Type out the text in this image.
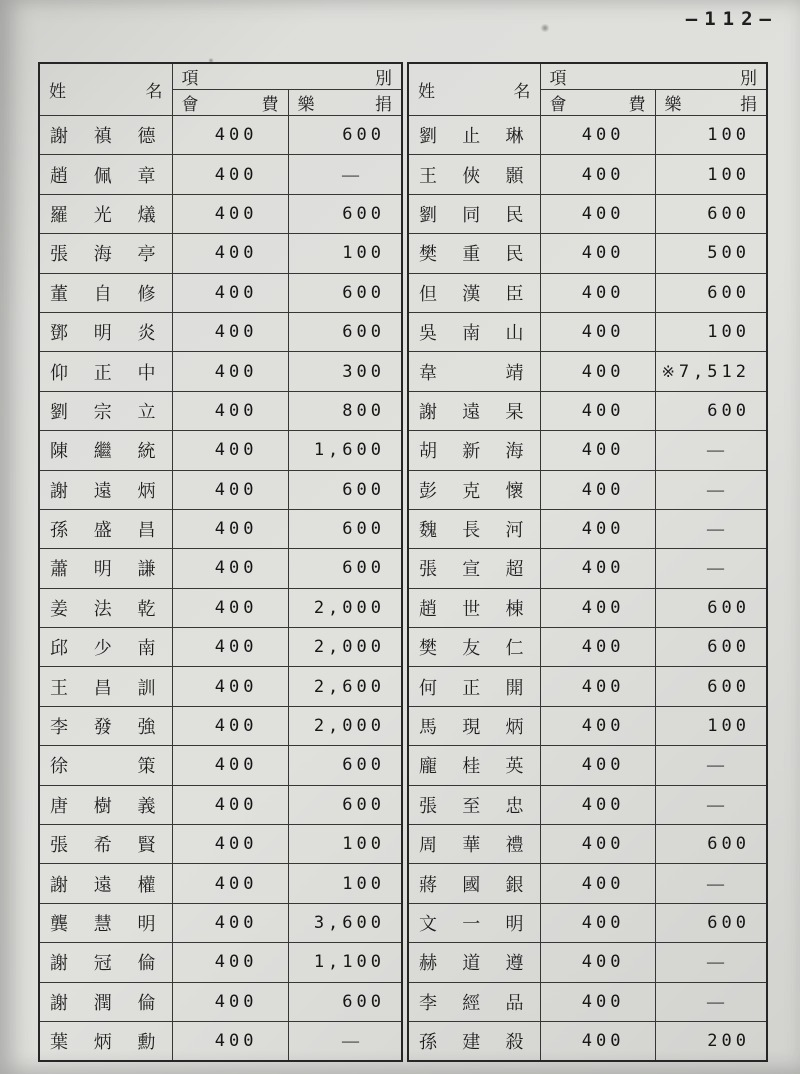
—112—
姓 名	項 別	

	會 費	樂 捐

謝 禛 德	400	600

趙 佩 章	400	—

羅 光 燨	400	600

張 海 亭	400	100

董 自 修	400	600

鄧 明 炎	400	600

仰 正 中	400	300

劉 宗 立	400	800

陳 繼 統	400	1,600

謝 遠 炳	400	600

孫 盛 昌	400	600

蕭 明 謙	400	600

姜 法 乾	400	2,000

邱 少 南	400	2,000

王 昌 訓	400	2,600

李 發 強	400	2,000

徐 策	400	600

唐 樹 義	400	600

張 希 賢	400	100

謝 遠 權	400	100

龔 慧 明	400	3,600

謝 冠 倫	400	1,100

謝 潤 倫	400	600

葉 炳 勳	400	—
姓 名	項 別	

	會 費	樂 捐

劉 止 琳	400	100

王 俠 顥	400	100

劉 同 民	400	600

樊 重 民	400	500

但 漢 臣	400	600

吳 南 山	400	100

韋 靖	400	※ 7,512

謝 遠 杲	400	600

胡 新 海	400	—

彭 克 懷	400	—

魏 長 河	400	—

張 宣 超	400	—

趙 世 棟	400	600

樊 友 仁	400	600

何 正 開	400	600

馬 現 炳	400	100

龐 桂 英	400	—

張 至 忠	400	—

周 華 禮	400	600

蔣 國 銀	400	—

文 一 明	400	600

赫 道 遵	400	—

李 經 品	400	—

孫 建 殺	400	200
